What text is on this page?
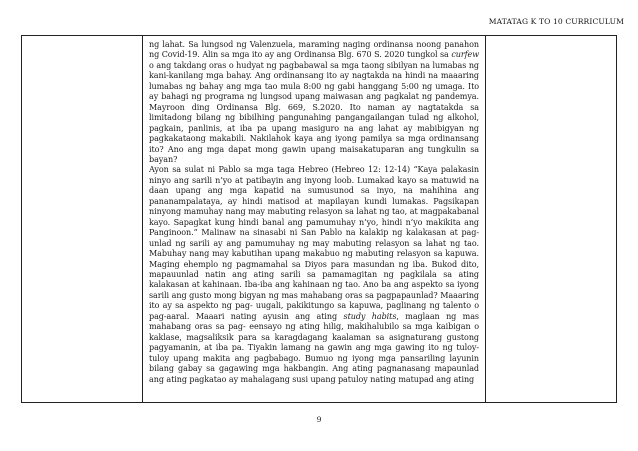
MATATAG K TO 10 CURRICULUM

ng lahat. Sa lungsod ng Valenzuela, maraming naging ordinansa noong panahon ng Covid-19. Alin sa mga ito ay ang Ordinansa Blg. 670 S. 2020 tungkol sa curfew o ang takdang oras o hudyat ng pagbabawal sa mga taong sibilyan na lumabas ng kani-kanilang mga bahay. Ang ordinansang ito ay nagtakda na hindi na maaaring lumabas ng bahay ang mga tao mula 8:00 ng gabi hanggang 5:00 ng umaga. Ito ay bahagi ng programa ng lungsod upang maiwasan ang pagkalat ng pandemya. Mayroon ding Ordinansa Blg. 669, S.2020. Ito naman ay nagtatakda sa limitadong bilang ng bibilhing pangunahing pangangailangan tulad ng alkohol, pagkain, panlinis, at iba pa upang masiguro na ang lahat ay mabibigyan ng pagkakataong makabili. Nakilahok kaya ang iyong pamilya sa mga ordinansang ito? Ano ang mga dapat mong gawin upang maisakatuparan ang tungkulin sa bayan?

Ayon sa sulat ni Pablo sa mga taga Hebreo (Hebreo 12: 12-14) “Kaya palakasin ninyo ang sarili n’yo at patibayin ang inyong loob. Lumakad kayo sa matuwid na daan upang ang mga kapatid na sumusunod sa inyo, na mahihina ang pananampalataya, ay hindi matisod at mapilayan kundi lumakas. Pagsikapan ninyong mamuhay nang may mabuting relasyon sa lahat ng tao, at magpakabanal kayo. Sapagkat kung hindi banal ang pamumuhay n’yo, hindi n’yo makikita ang Panginoon.” Malinaw na sinasabi ni San Pablo na kalakip ng kalakasan at pag-unlad ng sarili ay ang pamumuhay ng may mabuting relasyon sa lahat ng tao. Mabuhay nang may kabutihan upang makabuo ng mabuting relasyon sa kapuwa. Maging ehemplo ng pagmamahal sa Diyos para masundan ng iba. Bukod dito, mapauunlad natin ang ating sarili sa pamamagitan ng pagkilala sa ating kalakasan at kahinaan. Iba-iba ang kahinaan ng tao. Ano ba ang aspekto sa iyong sarili ang gusto mong bigyan ng mas mahabang oras sa pagpapaunlad? Maaaring ito ay sa aspekto ng pag- uugali, pakikitungo sa kapuwa, paglinang ng talento o pag-aaral. Maaari nating ayusin ang ating study habits, maglaan ng mas mahabang oras sa pag- eensayo ng ating hilig, makihalubilo sa mga kaibigan o kaklase, magsaliksik para sa karagdagang kaalaman sa asignaturang gustong pagyamanin, at iba pa. Tiyakin lamang na gawin ang mga gawing ito ng tuloy-tuloy upang makita ang pagbabago. Bumuo ng iyong mga pansariling layunin bilang gabay sa gagawing mga hakbangin. Ang ating pagnanasang mapaunlad ang ating pagkatao ay mahalagang susi upang patuloy nating matupad ang ating

9
